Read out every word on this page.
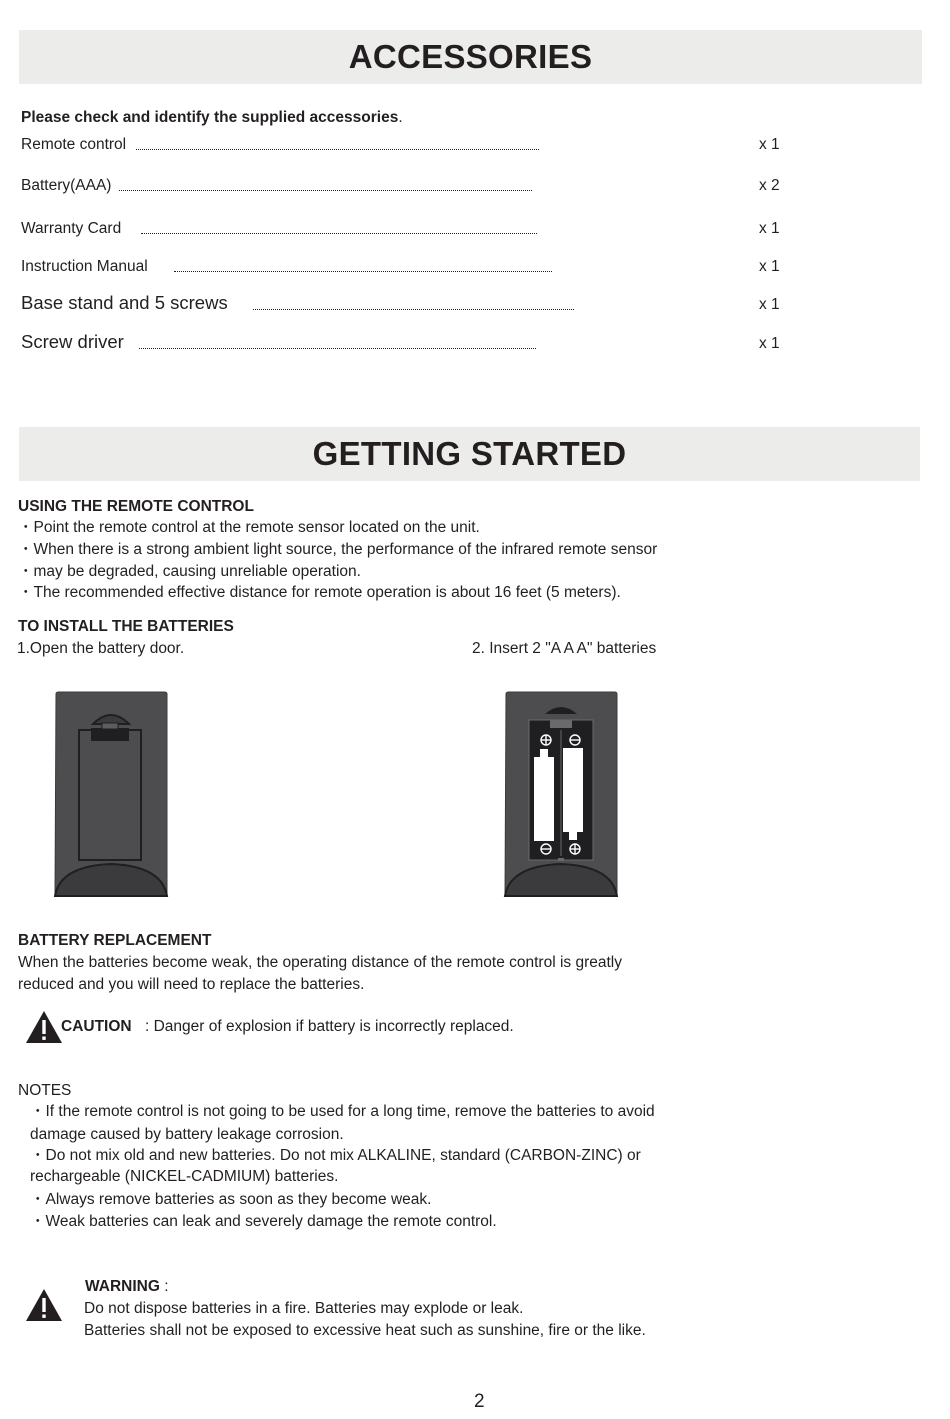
ACCESSORIES
Please check and identify the supplied accessories.
Remote control	x 1
Battery(AAA)	x 2
Warranty Card	x 1
Instruction Manual	x 1
Base stand and 5 screws	x 1
Screw driver	x 1
GETTING STARTED
USING THE REMOTE CONTROL
・Point the remote control at the remote sensor located on the unit.
・When there is a strong ambient light source, the performance of the infrared remote sensor
・may be degraded, causing unreliable operation.
・The recommended effective distance for remote operation is about 16 feet (5 meters).
TO INSTALL THE BATTERIES
1.Open the battery door.	2. Insert 2 "A A A" batteries
BATTERY REPLACEMENT
When the batteries become weak, the operating distance of the remote control is greatly
reduced and you will need to replace the batteries.
CAUTION : Danger of explosion if battery is incorrectly replaced.
NOTES
・If the remote control is not going to be used for a long time, remove the batteries to avoid
damage caused by battery leakage corrosion.
・Do not mix old and new batteries. Do not mix ALKALINE, standard (CARBON-ZINC) or
rechargeable (NICKEL-CADMIUM) batteries.
・Always remove batteries as soon as they become weak.
・Weak batteries can leak and severely damage the remote control.
WARNING :
Do not dispose batteries in a fire. Batteries may explode or leak.
Batteries shall not be exposed to excessive heat such as sunshine, fire or the like.
2
